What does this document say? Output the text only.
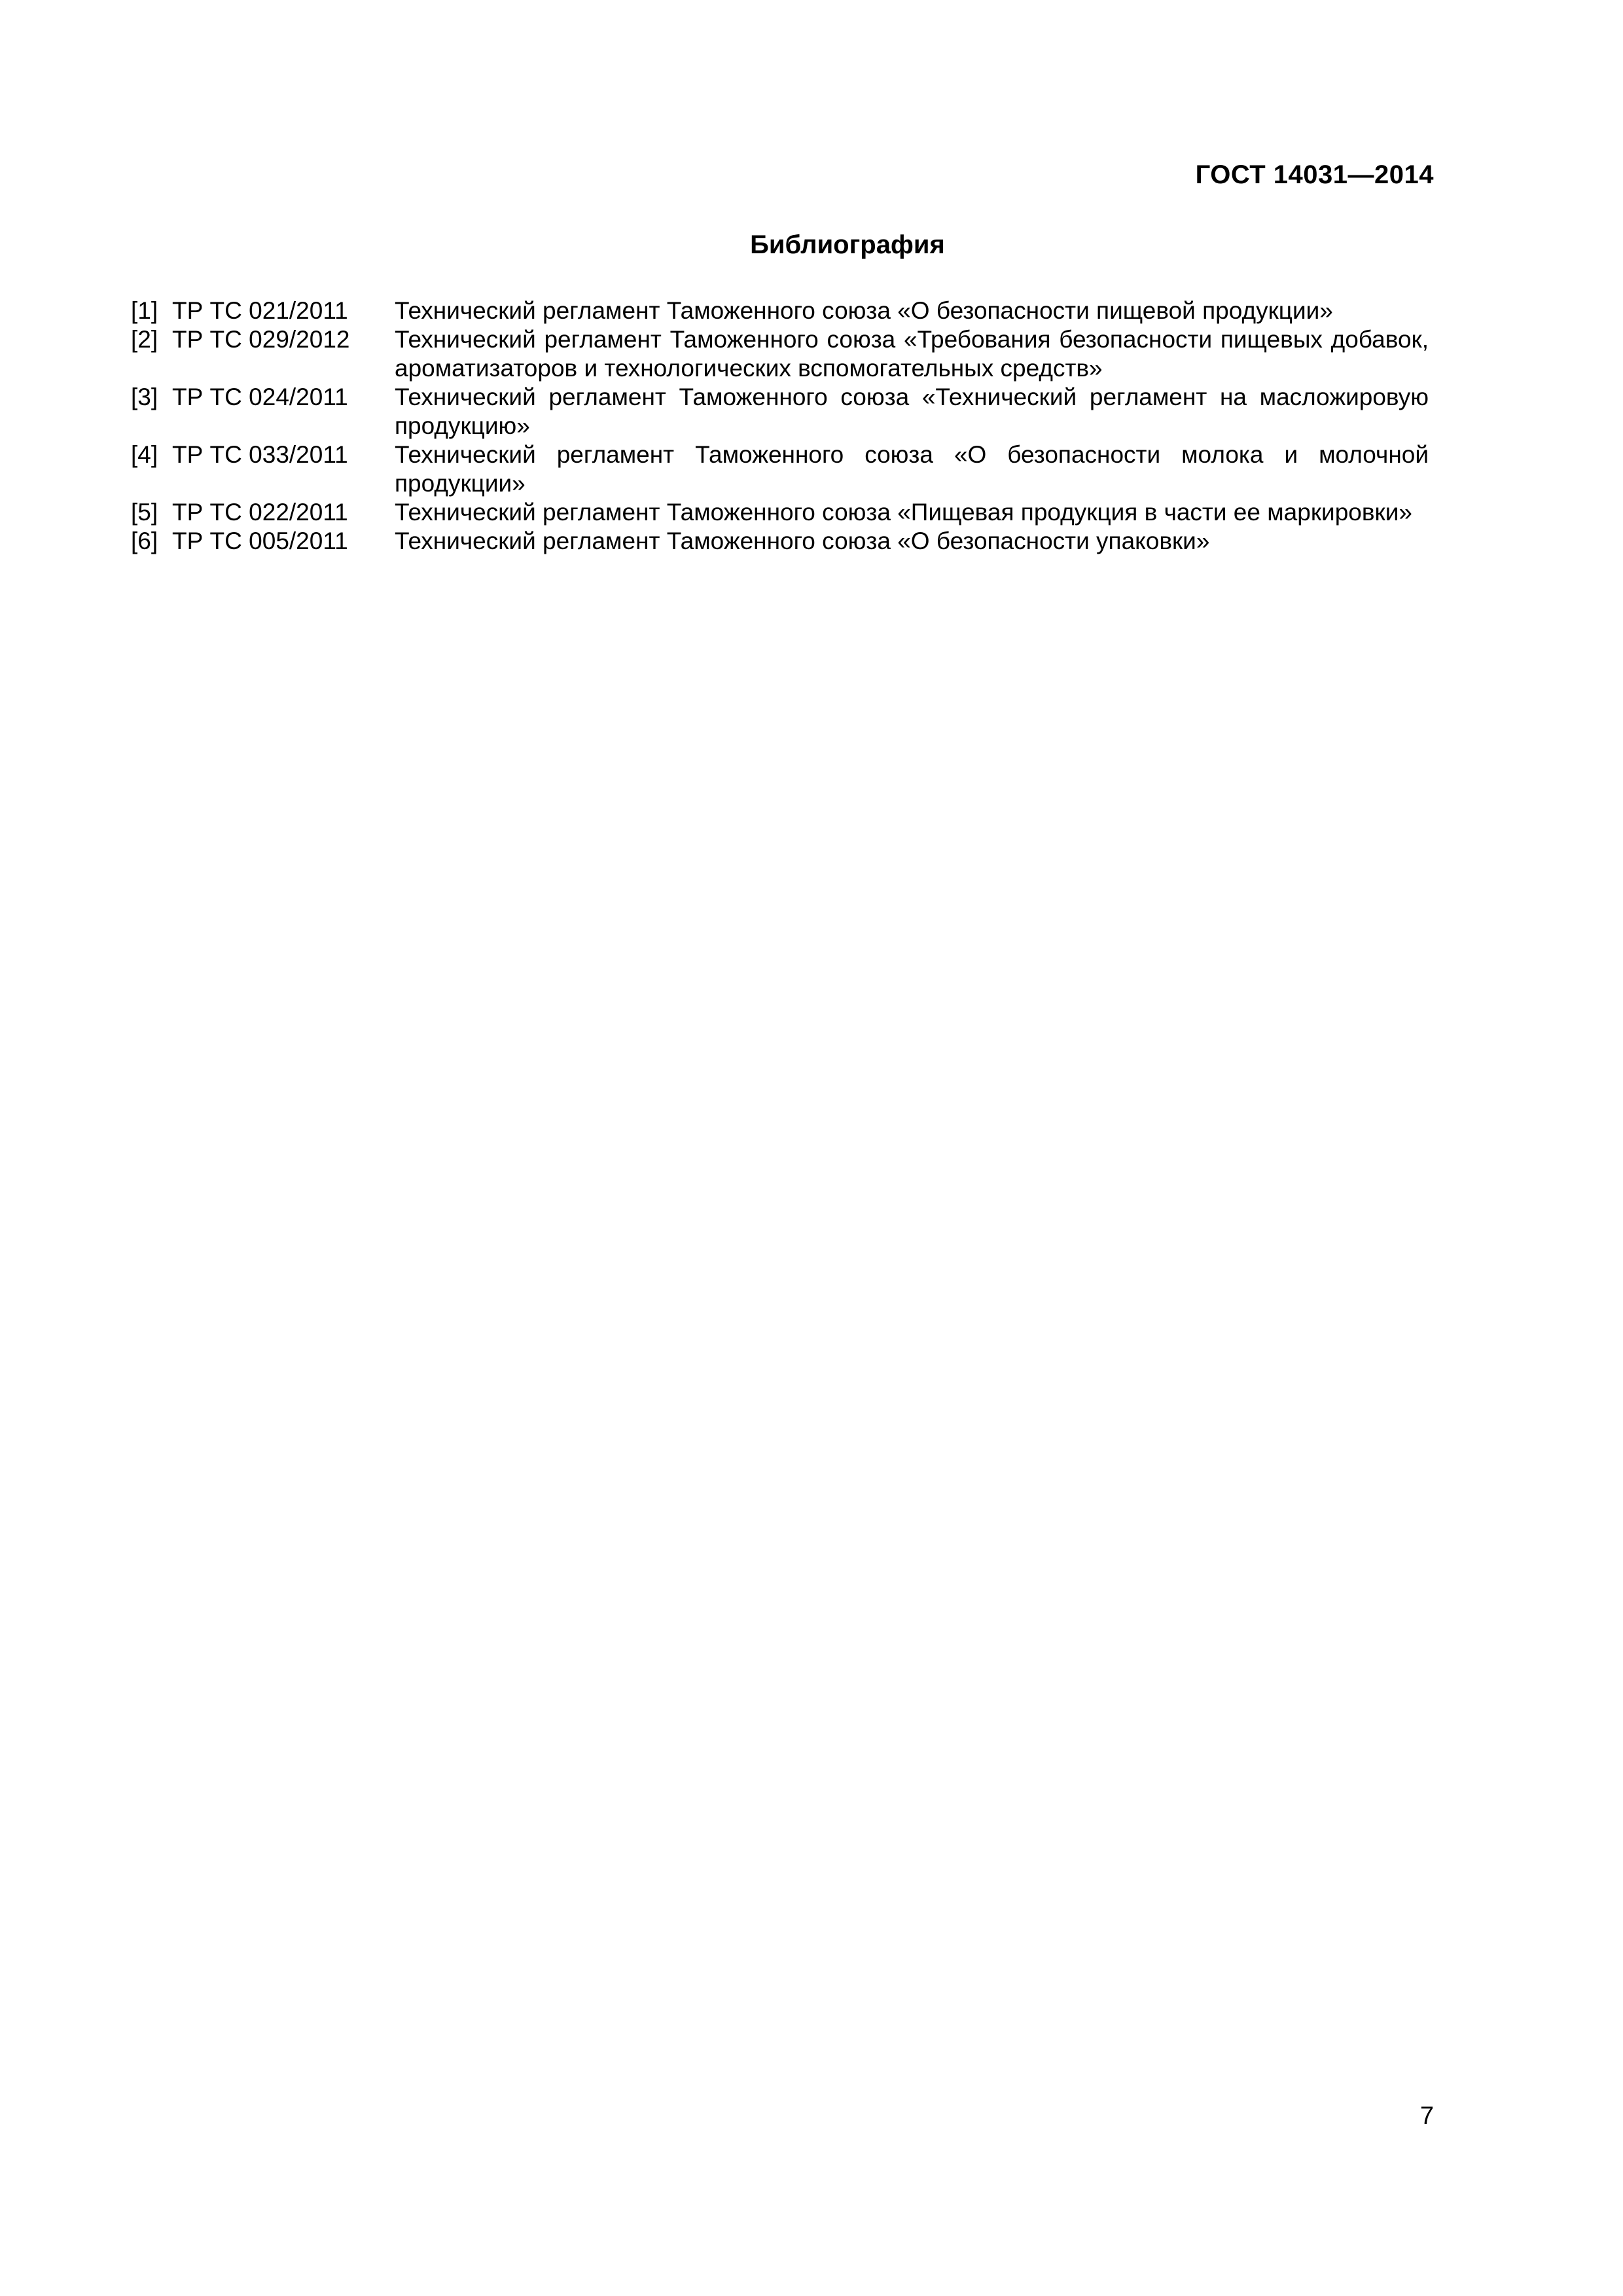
ГОСТ 14031—2014
Библиография
[1] ТР ТС 021/2011	Технический регламент Таможенного союза «О безопасности пищевой продукции»
[2] ТР ТС 029/2012	Технический регламент Таможенного союза «Требования безопасности пищевых добавок, ароматизаторов и технологических вспомогательных средств»
[3] ТР ТС 024/2011	Технический регламент Таможенного союза «Технический регламент на масложировую продукцию»
[4] ТР ТС 033/2011	Технический регламент Таможенного союза «О безопасности молока и молочной продукции»
[5] ТР ТС 022/2011	Технический регламент Таможенного союза «Пищевая продукция в части ее маркировки»
[6] ТР ТС 005/2011	Технический регламент Таможенного союза «О безопасности упаковки»
7
